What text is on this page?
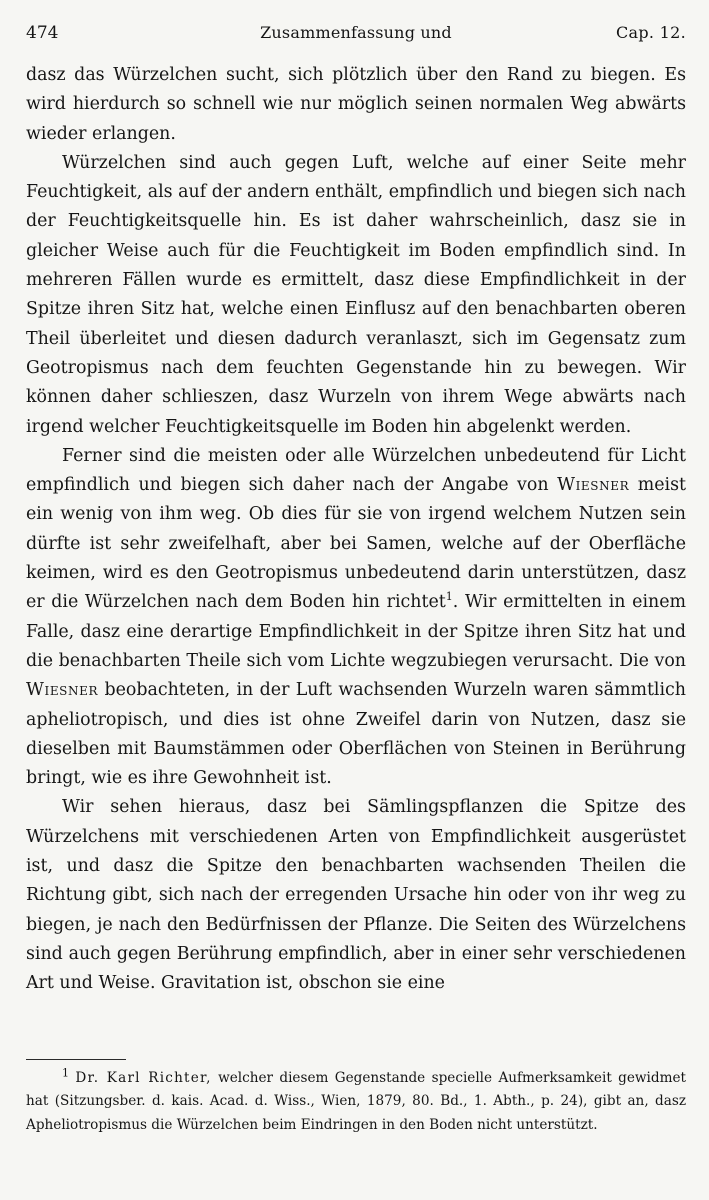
474	Zusammenfassung und	Cap. 12.

dasz das Würzelchen sucht, sich plötzlich über den Rand zu biegen. Es wird hierdurch so schnell wie nur möglich seinen normalen Weg abwärts wieder erlangen.

Würzelchen sind auch gegen Luft, welche auf einer Seite mehr Feuchtigkeit, als auf der andern enthält, empfindlich und biegen sich nach der Feuchtigkeitsquelle hin. Es ist daher wahrscheinlich, dasz sie in gleicher Weise auch für die Feuchtigkeit im Boden empfindlich sind. In mehreren Fällen wurde es ermittelt, dasz diese Empfindlichkeit in der Spitze ihren Sitz hat, welche einen Einflusz auf den benachbarten oberen Theil überleitet und diesen dadurch veranlaszt, sich im Gegensatz zum Geotropismus nach dem feuchten Gegenstande hin zu bewegen. Wir können daher schlieszen, dasz Wurzeln von ihrem Wege abwärts nach irgend welcher Feuchtigkeitsquelle im Boden hin abgelenkt werden.

Ferner sind die meisten oder alle Würzelchen unbedeutend für Licht empfindlich und biegen sich daher nach der Angabe von Wiesner meist ein wenig von ihm weg. Ob dies für sie von irgend welchem Nutzen sein dürfte ist sehr zweifelhaft, aber bei Samen, welche auf der Oberfläche keimen, wird es den Geotropismus unbedeutend darin unterstützen, dasz er die Würzelchen nach dem Boden hin richtet$^1$. Wir ermittelten in einem Falle, dasz eine derartige Empfindlichkeit in der Spitze ihren Sitz hat und die benachbarten Theile sich vom Lichte wegzubiegen verursacht. Die von Wiesner beobachteten, in der Luft wachsenden Wurzeln waren sämmtlich apheliotropisch, und dies ist ohne Zweifel darin von Nutzen, dasz sie dieselben mit Baumstämmen oder Oberflächen von Steinen in Berührung bringt, wie es ihre Gewohnheit ist.

Wir sehen hieraus, dasz bei Sämlingspflanzen die Spitze des Würzelchens mit verschiedenen Arten von Empfindlichkeit ausgerüstet ist, und dasz die Spitze den benachbarten wachsenden Theilen die Richtung gibt, sich nach der erregenden Ursache hin oder von ihr weg zu biegen, je nach den Bedürfnissen der Pflanze. Die Seiten des Würzelchens sind auch gegen Berührung empfindlich, aber in einer sehr verschiedenen Art und Weise. Gravitation ist, obschon sie eine

$^1$ Dr. Karl Richter, welcher diesem Gegenstande specielle Aufmerksamkeit gewidmet hat (Sitzungsber. d. kais. Acad. d. Wiss., Wien, 1879, 80. Bd., 1. Abth., p. 24), gibt an, dasz Apheliotropismus die Würzelchen beim Eindringen in den Boden nicht unterstützt.
